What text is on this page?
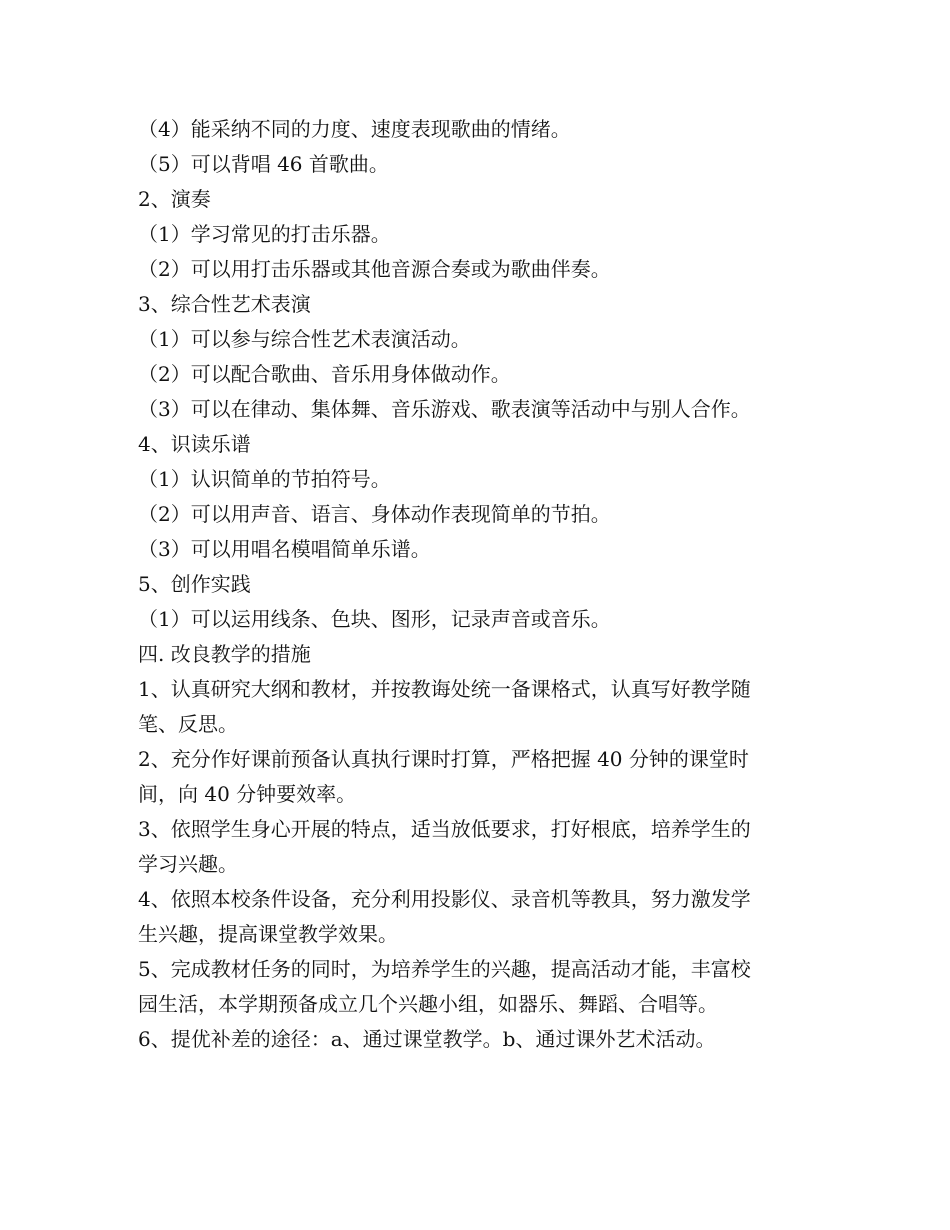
（4）能采纳不同的力度、速度表现歌曲的情绪。
（5）可以背唱 46 首歌曲。
2、演奏
（1）学习常见的打击乐器。
（2）可以用打击乐器或其他音源合奏或为歌曲伴奏。
3、综合性艺术表演
（1）可以参与综合性艺术表演活动。
（2）可以配合歌曲、音乐用身体做动作。
（3）可以在律动、集体舞、音乐游戏、歌表演等活动中与别人合作。
4、识读乐谱
（1）认识简单的节拍符号。
（2）可以用声音、语言、身体动作表现简单的节拍。
（3）可以用唱名模唱简单乐谱。
5、创作实践
（1）可以运用线条、色块、图形，记录声音或音乐。
四. 改良教学的措施
1、认真研究大纲和教材，并按教诲处统一备课格式，认真写好教学随
笔、反思。
2、充分作好课前预备认真执行课时打算，严格把握 40 分钟的课堂时
间，向 40 分钟要效率。
3、依照学生身心开展的特点，适当放低要求，打好根底，培养学生的
学习兴趣。
4、依照本校条件设备，充分利用投影仪、录音机等教具，努力激发学
生兴趣，提高课堂教学效果。
5、完成教材任务的同时，为培养学生的兴趣，提高活动才能，丰富校
园生活，本学期预备成立几个兴趣小组，如器乐、舞蹈、合唱等。
6、提优补差的途径：a、通过课堂教学。b、通过课外艺术活动。
